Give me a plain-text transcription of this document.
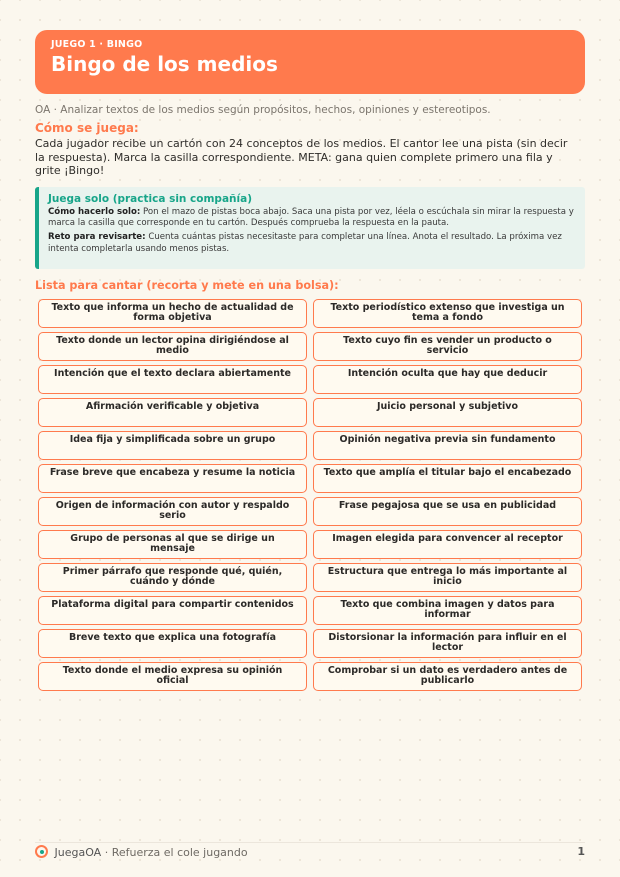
JUEGO 1 · BINGO
Bingo de los medios
OA · Analizar textos de los medios según propósitos, hechos, opiniones y estereotipos.
Cómo se juega:
Cada jugador recibe un cartón con 24 conceptos de los medios. El cantor lee una pista (sin decir la respuesta). Marca la casilla correspondiente. META: gana quien complete primero una fila y grite ¡Bingo!
Juega solo (practica sin compañía)
Cómo hacerlo solo: Pon el mazo de pistas boca abajo. Saca una pista por vez, léela o escúchala sin mirar la respuesta y marca la casilla que corresponde en tu cartón. Después comprueba la respuesta en la pauta.
Reto para revisarte: Cuenta cuántas pistas necesitaste para completar una línea. Anota el resultado. La próxima vez intenta completarla usando menos pistas.
Lista para cantar (recorta y mete en una bolsa):
Texto que informa un hecho de actualidad de forma objetiva
Texto periodístico extenso que investiga un tema a fondo
Texto donde un lector opina dirigiéndose al medio
Texto cuyo fin es vender un producto o servicio
Intención que el texto declara abiertamente	Intención oculta que hay que deducir
Afirmación verificable y objetiva	Juicio personal y subjetivo
Idea fija y simplificada sobre un grupo	Opinión negativa previa sin fundamento
Frase breve que encabeza y resume la noticia	Texto que amplía el titular bajo el encabezado
Origen de información con autor y respaldo serio
Frase pegajosa que se usa en publicidad
Grupo de personas al que se dirige un mensaje
Imagen elegida para convencer al receptor
Primer párrafo que responde qué, quién, cuándo y dónde
Estructura que entrega lo más importante al inicio
Plataforma digital para compartir contenidos	Texto que combina imagen y datos para informar
Breve texto que explica una fotografía	Distorsionar la información para influir en el lector
Texto donde el medio expresa su opinión oficial
Comprobar si un dato es verdadero antes de publicarlo
JuegaOA · Refuerza el cole jugando	1
